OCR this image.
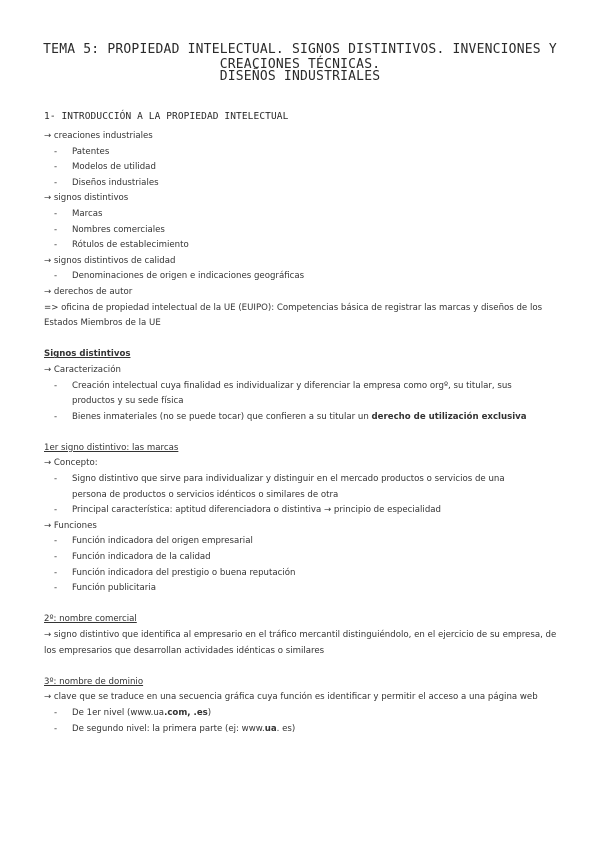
TEMA 5: PROPIEDAD INTELECTUAL. SIGNOS DISTINTIVOS. INVENCIONES Y CREACIONES TÉCNICAS.
DISEÑOS INDUSTRIALES
1- INTRODUCCIÓN A LA PROPIEDAD INTELECTUAL
→ creaciones industriales
-	Patentes
-	Modelos de utilidad
-	Diseños industriales
→ signos distintivos
-	Marcas
-	Nombres comerciales
-	Rótulos de establecimiento
→ signos distintivos de calidad
-	Denominaciones de origen e indicaciones geográficas
→ derechos de autor
=> oficina de propiedad intelectual de la UE (EUIPO): Competencias básica de registrar las marcas y diseños de los Estados Miembros de la UE
Signos distintivos
→ Caracterización
-	Creación intelectual cuya finalidad es individualizar y diferenciar la empresa como orgº, su titular, sus productos y su sede física
-	Bienes inmateriales (no se puede tocar) que confieren a su titular un derecho de utilización exclusiva
1er signo distintivo: las marcas
→ Concepto:
-	Signo distintivo que sirve para individualizar y distinguir en el mercado productos o servicios de una persona de productos o servicios idénticos o similares de otra
-	Principal característica: aptitud diferenciadora o distintiva → principio de especialidad
→ Funciones
-	Función indicadora del origen empresarial
-	Función indicadora de la calidad
-	Función indicadora del prestigio o buena reputación
-	Función publicitaria
2º: nombre comercial
→ signo distintivo que identifica al empresario en el tráfico mercantil distinguiéndolo, en el ejercicio de su empresa, de los empresarios que desarrollan actividades idénticas o similares
3º: nombre de dominio
→ clave que se traduce en una secuencia gráfica cuya función es identificar y permitir el acceso a una página web
-	De 1er nivel (www.ua.com, .es)
-	De segundo nivel: la primera parte (ej: www.ua. es)
